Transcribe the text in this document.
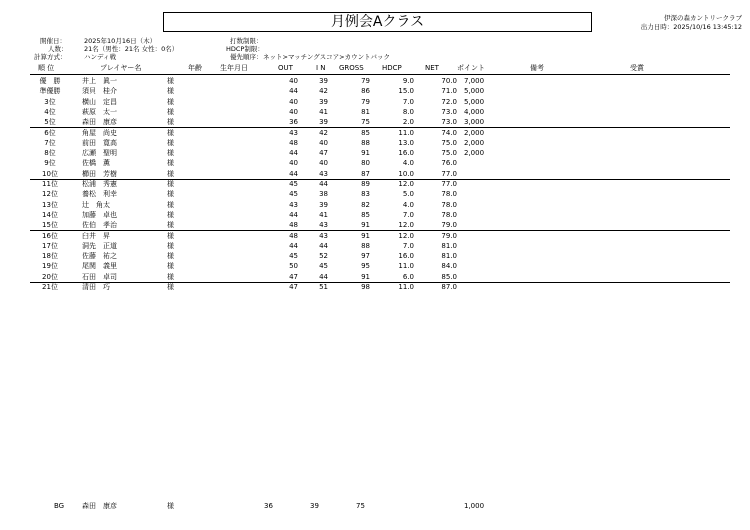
月例会Aクラス	伊深の森カントリークラブ
出力日時：2025/10/16 13:45:12
開催日：	2025年10月16日（木）
人数：	21名（男性：21名 女性：0名）
計算方式：	ハンディ戦
打数制限：
HDCP制限：
優先順序： ネット>マッチングスコア>カウントバック
順 位	プレイヤー名	年齢	生年月日	OUT	I N GROSS	HDCP	NET	ポイント	備考	受賞
優　勝	井上　眞一	様	40	39	79	9.0	70.0 7,000
準優勝	須貝　桂介	様	44	42	86	15.0	71.0 5,000
3位	横山　定昌	様	40	39	79	7.0	72.0 5,000
4位	萩原　太一	様	40	41	81	8.0	73.0 4,000
5位	森田　康彦	様	36	39	75	2.0	73.0 3,000
6位	角屋　尚史	様	43	42	85	11.0	74.0 2,000
7位	前田　寛高	様	48	40	88	13.0	75.0 2,000
8位	広瀬　聖明	様	44	47	91	16.0	75.0 2,000
9位	佐橋　薫	様	40	40	80	4.0	76.0
10位	櫛田　芳樹	様	44	43	87	10.0	77.0
11位	松浦　秀憲	様	45	44	89	12.0	77.0
12位	養松　利幸	様	45	38	83	5.0	78.0
13位	辻　角太	様	43	39	82	4.0	78.0
14位	加藤　卓也	様	44	41	85	7.0	78.0
15位	佐伯　孝治	様	48	43	91	12.0	79.0
16位	臼井　昇	様	48	43	91	12.0	79.0
17位	洞先　正道	様	44	44	88	7.0	81.0
18位	佐藤　祐之	様	45	52	97	16.0	81.0
19位	尾関　義里	様	50	45	95	11.0	84.0
20位	石田　卓司	様	47	44	91	6.0	85.0
21位	清田　巧	様	47	51	98	11.0	87.0
BG	森田　康彦	様	36	39	75	1,000
